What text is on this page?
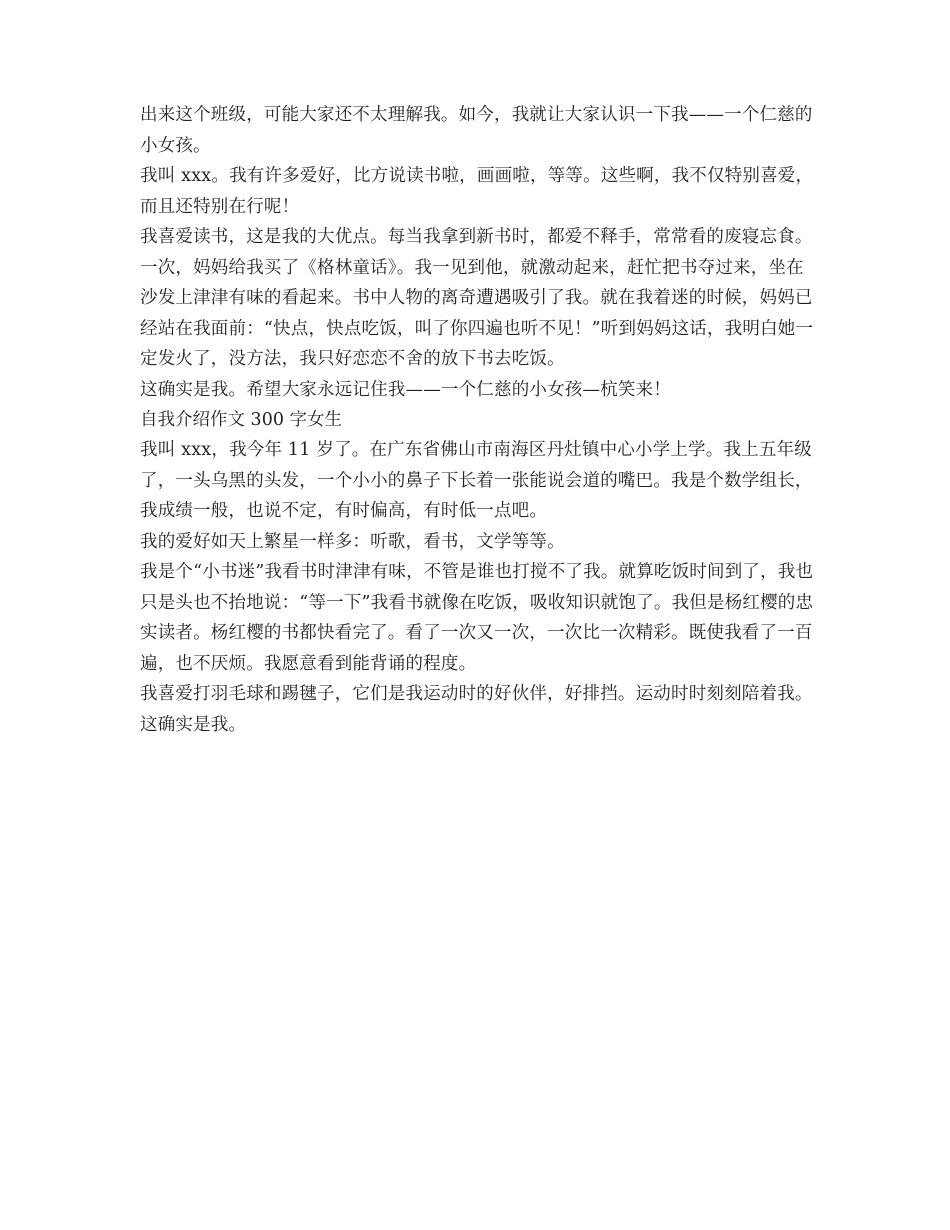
出来这个班级，可能大家还不太理解我。如今，我就让大家认识一下我——一个仁慈的小女孩。

我叫 xxx。我有许多爱好，比方说读书啦，画画啦，等等。这些啊，我不仅特别喜爱，而且还特别在行呢！

我喜爱读书，这是我的大优点。每当我拿到新书时，都爱不释手，常常看的废寝忘食。一次，妈妈给我买了《格林童话》。我一见到他，就激动起来，赶忙把书夺过来，坐在沙发上津津有味的看起来。书中人物的离奇遭遇吸引了我。就在我着迷的时候，妈妈已经站在我面前：“快点，快点吃饭，叫了你四遍也听不见！”听到妈妈这话，我明白她一定发火了，没方法，我只好恋恋不舍的放下书去吃饭。

这确实是我。希望大家永远记住我——一个仁慈的小女孩—杭笑来！

自我介绍作文 300 字女生

我叫 xxx，我今年 11 岁了。在广东省佛山市南海区丹灶镇中心小学上学。我上五年级了，一头乌黑的头发，一个小小的鼻子下长着一张能说会道的嘴巴。我是个数学组长，我成绩一般，也说不定，有时偏高，有时低一点吧。

我的爱好如天上繁星一样多：听歌，看书，文学等等。

我是个“小书迷”我看书时津津有味，不管是谁也打搅不了我。就算吃饭时间到了，我也只是头也不抬地说：“等一下”我看书就像在吃饭，吸收知识就饱了。我但是杨红樱的忠实读者。杨红樱的书都快看完了。看了一次又一次，一次比一次精彩。既使我看了一百遍，也不厌烦。我愿意看到能背诵的程度。

我喜爱打羽毛球和踢毽子，它们是我运动时的好伙伴，好排挡。运动时时刻刻陪着我。

这确实是我。
